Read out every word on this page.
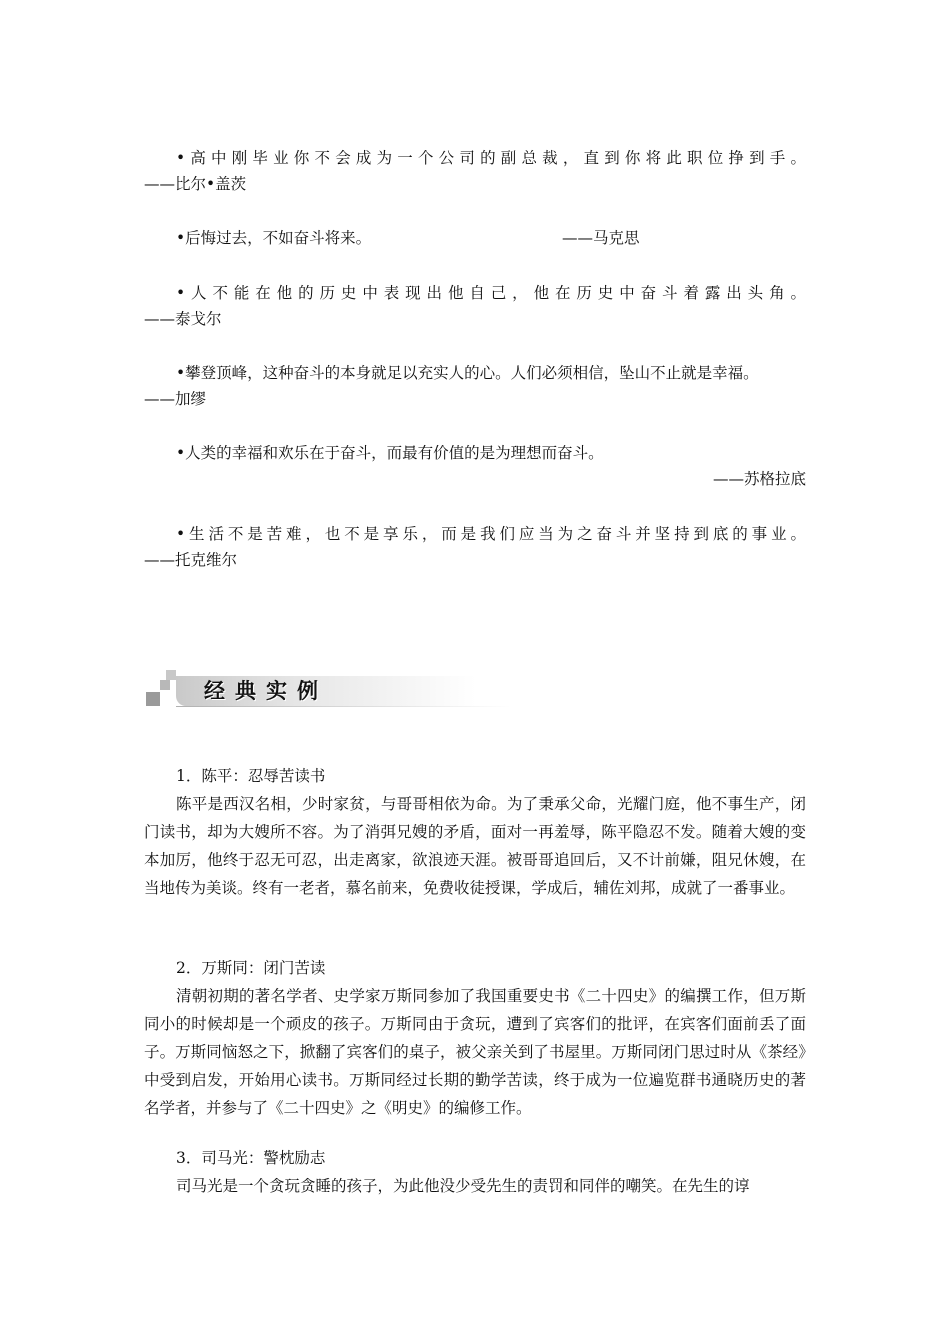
•高中刚毕业你不会成为一个公司的副总裁，直到你将此职位挣到手。
——比尔•盖茨
•后悔过去，不如奋斗将来。	——马克思
•人不能在他的历史中表现出他自己，他在历史中奋斗着露出头角。
——泰戈尔
•攀登顶峰，这种奋斗的本身就足以充实人的心。人们必须相信，坠山不止就是幸福。
——加缪
•人类的幸福和欢乐在于奋斗，而最有价值的是为理想而奋斗。
——苏格拉底
•生活不是苦难，也不是享乐，而是我们应当为之奋斗并坚持到底的事业。
——托克维尔
经典实例
1．陈平：忍辱苦读书
陈平是西汉名相，少时家贫，与哥哥相依为命。为了秉承父命，光耀门庭，他不事生产，闭门读书，却为大嫂所不容。为了消弭兄嫂的矛盾，面对一再羞辱，陈平隐忍不发。随着大嫂的变本加厉，他终于忍无可忍，出走离家，欲浪迹天涯。被哥哥追回后，又不计前嫌，阻兄休嫂，在当地传为美谈。终有一老者，慕名前来，免费收徒授课，学成后，辅佐刘邦，成就了一番事业。
2．万斯同：闭门苦读
清朝初期的著名学者、史学家万斯同参加了我国重要史书《二十四史》的编撰工作，但万斯同小的时候却是一个顽皮的孩子。万斯同由于贪玩，遭到了宾客们的批评，在宾客们面前丢了面子。万斯同恼怒之下，掀翻了宾客们的桌子，被父亲关到了书屋里。万斯同闭门思过时从《茶经》中受到启发，开始用心读书。万斯同经过长期的勤学苦读，终于成为一位遍览群书通晓历史的著名学者，并参与了《二十四史》之《明史》的编修工作。
3．司马光：警枕励志
司马光是一个贪玩贪睡的孩子，为此他没少受先生的责罚和同伴的嘲笑。在先生的谆
